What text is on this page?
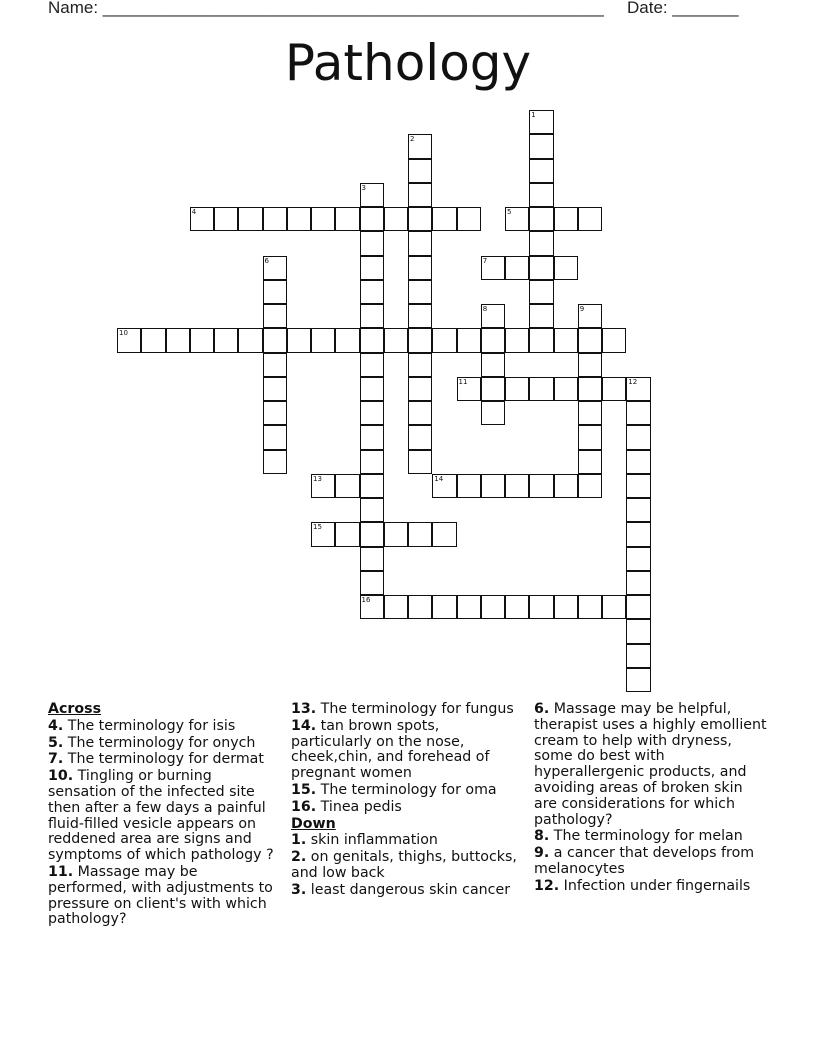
Name: _____________________________________________________ Date: _______
Pathology
1
2
3
16
4	5
6	7
8	9
10
11	12
13	14
15
Across
4. The terminology for isis
5. The terminology for onych
7. The terminology for dermat
10. Tingling or burning sensation of the infected site then after a few days a painful fluid-filled vesicle appears on reddened area are signs and symptoms of which pathology ?
11. Massage may be performed, with adjustments to pressure on client's with which pathology?
13. The terminology for fungus
14. tan brown spots, particularly on the nose, cheek,chin, and forehead of pregnant women
15. The terminology for oma
16. Tinea pedis
Down
1. skin inflammation
2. on genitals, thighs, buttocks, and low back
3. least dangerous skin cancer
6. Massage may be helpful, therapist uses a highly emollient cream to help with dryness, some do best with hyperallergenic products, and avoiding areas of broken skin are considerations for which pathology?
8. The terminology for melan
9. a cancer that develops from melanocytes
12. Infection under fingernails
